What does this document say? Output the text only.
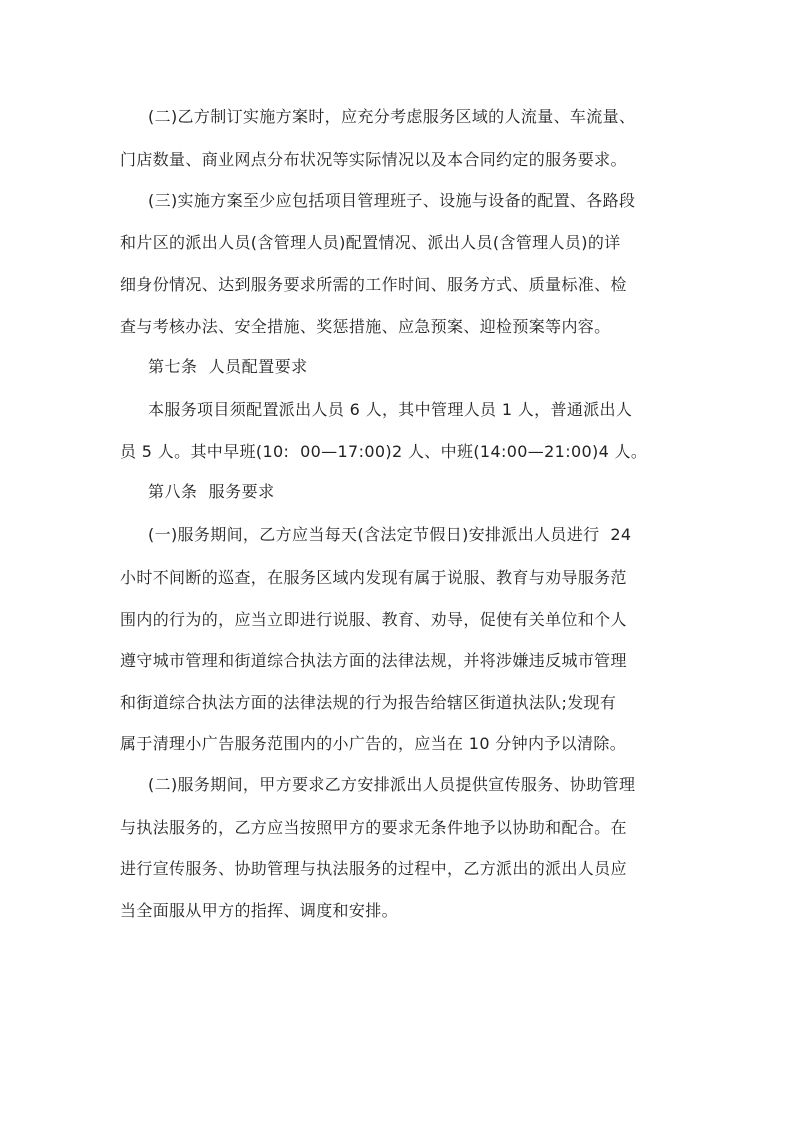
(二)乙方制订实施方案时，应充分考虑服务区域的人流量、车流量、
门店数量、商业网点分布状况等实际情况以及本合同约定的服务要求。
(三)实施方案至少应包括项目管理班子、设施与设备的配置、各路段
和片区的派出人员(含管理人员)配置情况、派出人员(含管理人员)的详
细身份情况、达到服务要求所需的工作时间、服务方式、质量标准、检
查与考核办法、安全措施、奖惩措施、应急预案、迎检预案等内容。
第七条  人员配置要求
本服务项目须配置派出人员 6 人，其中管理人员 1 人，普通派出人
员 5 人。其中早班(10:  00—17:00)2 人、中班(14:00—21:00)4 人。
第八条  服务要求
(一)服务期间，乙方应当每天(含法定节假日)安排派出人员进行  24
小时不间断的巡查，在服务区域内发现有属于说服、教育与劝导服务范
围内的行为的，应当立即进行说服、教育、劝导，促使有关单位和个人
遵守城市管理和街道综合执法方面的法律法规，并将涉嫌违反城市管理
和街道综合执法方面的法律法规的行为报告给辖区街道执法队;发现有
属于清理小广告服务范围内的小广告的，应当在 10 分钟内予以清除。
(二)服务期间，甲方要求乙方安排派出人员提供宣传服务、协助管理
与执法服务的，乙方应当按照甲方的要求无条件地予以协助和配合。在
进行宣传服务、协助管理与执法服务的过程中，乙方派出的派出人员应
当全面服从甲方的指挥、调度和安排。
